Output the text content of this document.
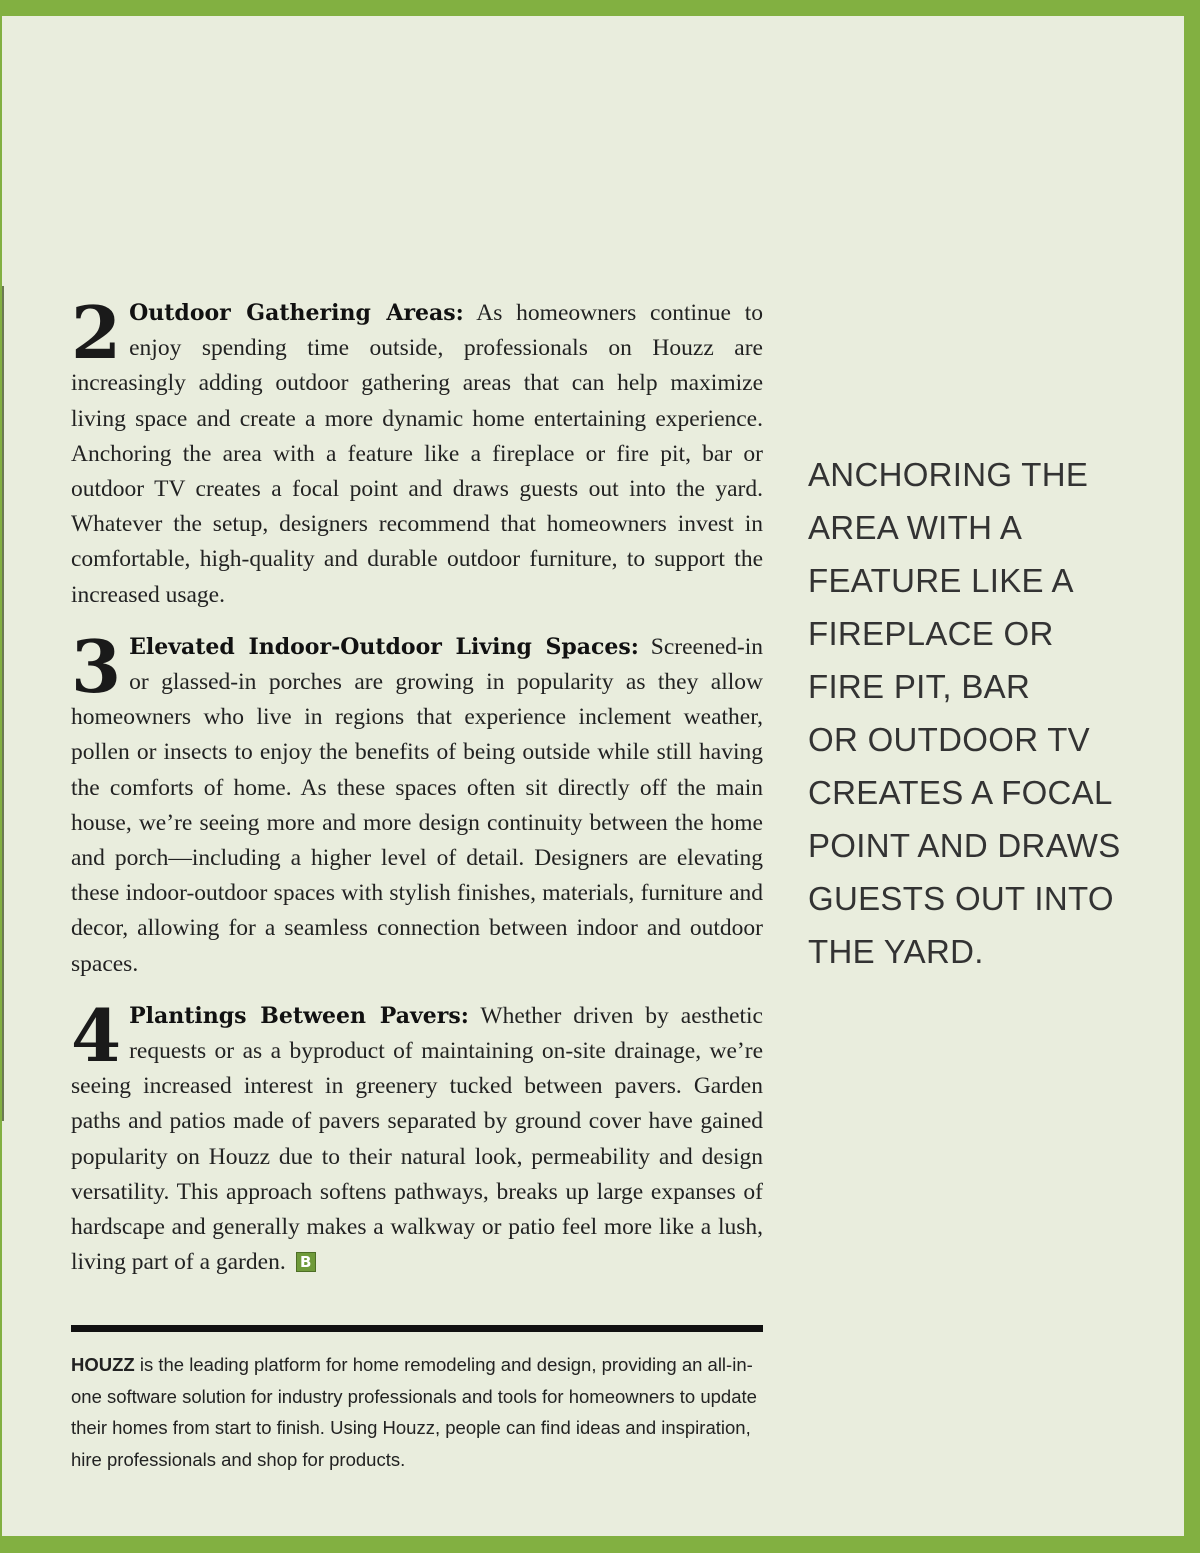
2 Outdoor Gathering Areas: As homeowners continue to enjoy spending time outside, professionals on Houzz are increasingly adding outdoor gathering areas that can help maximize living space and create a more dynamic home entertaining experience. Anchoring the area with a feature like a fireplace or fire pit, bar or outdoor TV creates a focal point and draws guests out into the yard. Whatever the setup, designers recommend that homeowners invest in comfortable, high-quality and durable outdoor furniture, to support the increased usage.

3 Elevated Indoor-Outdoor Living Spaces: Screened-in or glassed-in porches are growing in popularity as they allow homeowners who live in regions that experience inclement weather, pollen or insects to enjoy the benefits of being outside while still having the comforts of home. As these spaces often sit directly off the main house, we’re seeing more and more design continuity between the home and porch—including a higher level of detail. Designers are elevating these indoor-outdoor spaces with stylish finishes, materials, furniture and decor, allowing for a seamless connection between indoor and outdoor spaces.

4 Plantings Between Pavers: Whether driven by aesthetic requests or as a byproduct of maintaining on-site drainage, we’re seeing increased interest in greenery tucked between pavers. Garden paths and patios made of pavers separated by ground cover have gained popularity on Houzz due to their natural look, permeability and design versatility. This approach softens pathways, breaks up large expanses of hardscape and generally makes a walkway or patio feel more like a lush, living part of a garden. B

ANCHORING THE
AREA WITH A
FEATURE LIKE A
FIREPLACE OR
FIRE PIT, BAR
OR OUTDOOR TV
CREATES A FOCAL
POINT AND DRAWS
GUESTS OUT INTO
THE YARD.
HOUZZ is the leading platform for home remodeling and design, providing an all-in-one software solution for industry professionals and tools for homeowners to update their homes from start to finish. Using Houzz, people can find ideas and inspiration, hire professionals and shop for products.
